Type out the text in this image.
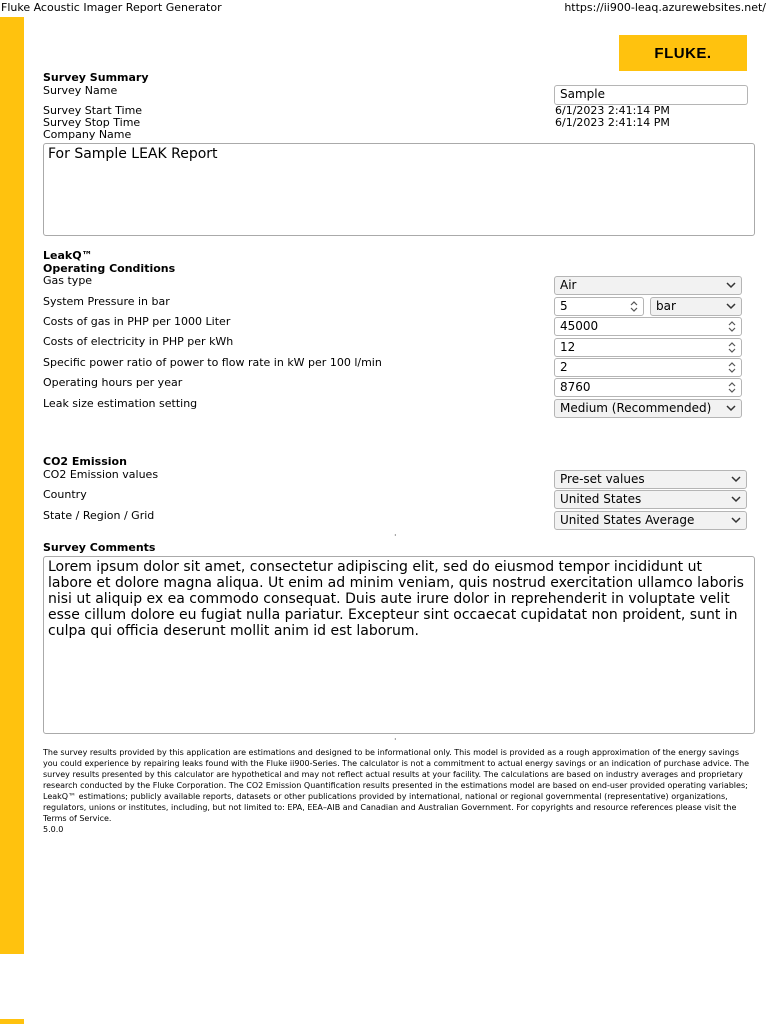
Fluke Acoustic Imager Report Generator	https://ii900-leaq.azurewebsites.net/
FLUKE.
Survey Summary
Survey Name	Sample
Survey Start Time	6/1/2023 2:41:14 PM
Survey Stop Time	6/1/2023 2:41:14 PM
Company Name
For Sample LEAK Report
LeakQ™
Operating Conditions
Gas type	Air
System Pressure in bar	5	bar
Costs of gas in PHP per 1000 Liter	45000
Costs of electricity in PHP per kWh	12
Specific power ratio of power to flow rate in kW per 100 l/min	2
Operating hours per year	8760
Leak size estimation setting	Medium (Recommended)
CO2 Emission
CO2 Emission values	Pre-set values
Country	United States
State / Region / Grid	United States Average
·
Survey Comments
Lorem ipsum dolor sit amet, consectetur adipiscing elit, sed do eiusmod tempor incididunt ut labore et dolore magna aliqua. Ut enim ad minim veniam, quis nostrud exercitation ullamco laboris nisi ut aliquip ex ea commodo consequat. Duis aute irure dolor in reprehenderit in voluptate velit esse cillum dolore eu fugiat nulla pariatur. Excepteur sint occaecat cupidatat non proident, sunt in culpa qui officia deserunt mollit anim id est laborum.
·
The survey results provided by this application are estimations and designed to be informational only. This model is provided as a rough approximation of the energy savings you could experience by repairing leaks found with the Fluke ii900-Series. The calculator is not a commitment to actual energy savings or an indication of purchase advice. The survey results presented by this calculator are hypothetical and may not reflect actual results at your facility. The calculations are based on industry averages and proprietary research conducted by the Fluke Corporation. The CO2 Emission Quantification results presented in the estimations model are based on end-user provided operating variables; LeakQ™ estimations; publicly available reports, datasets or other publications provided by international, national or regional governmental (representative) organizations, regulators, unions or institutes, including, but not limited to: EPA, EEA–AIB and Canadian and Australian Government. For copyrights and resource references please visit the Terms of Service.
5.0.0
